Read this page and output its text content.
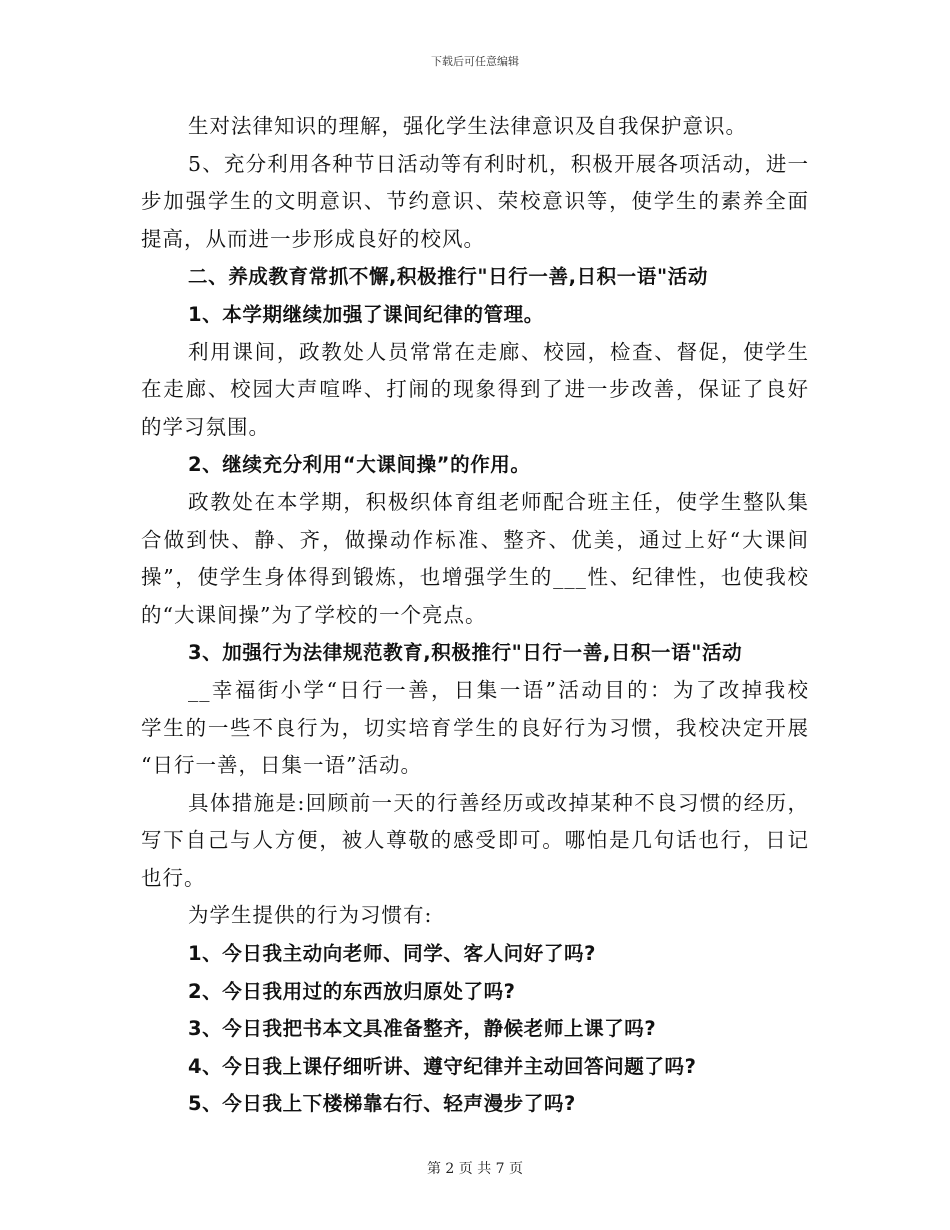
下载后可任意编辑
生对法律知识的理解，强化学生法律意识及自我保护意识。
5、充分利用各种节日活动等有利时机，积极开展各项活动，进一
步加强学生的文明意识、节约意识、荣校意识等，使学生的素养全面
提高，从而进一步形成良好的校风。
二、养成教育常抓不懈,积极推行"日行一善,日积一语"活动
1、本学期继续加强了课间纪律的管理。
利用课间，政教处人员常常在走廊、校园，检查、督促，使学生
在走廊、校园大声喧哗、打闹的现象得到了进一步改善，保证了良好
的学习氛围。
2、继续充分利用“大课间操”的作用。
政教处在本学期，积极织体育组老师配合班主任，使学生整队集
合做到快、静、齐，做操动作标准、整齐、优美，通过上好“大课间
操”，使学生身体得到锻炼，也增强学生的___性、纪律性，也使我校
的“大课间操”为了学校的一个亮点。
3、加强行为法律规范教育,积极推行"日行一善,日积一语"活动
__幸福街小学“日行一善，日集一语”活动目的：为了改掉我校
学生的一些不良行为，切实培育学生的良好行为习惯，我校决定开展
“日行一善，日集一语”活动。
具体措施是:回顾前一天的行善经历或改掉某种不良习惯的经历，
写下自己与人方便，被人尊敬的感受即可。哪怕是几句话也行，日记
也行。
为学生提供的行为习惯有:
1、今日我主动向老师、同学、客人问好了吗?
2、今日我用过的东西放归原处了吗?
3、今日我把书本文具准备整齐，静候老师上课了吗?
4、今日我上课仔细听讲、遵守纪律并主动回答问题了吗?
5、今日我上下楼梯靠右行、轻声漫步了吗?
第 2 页 共 7 页
